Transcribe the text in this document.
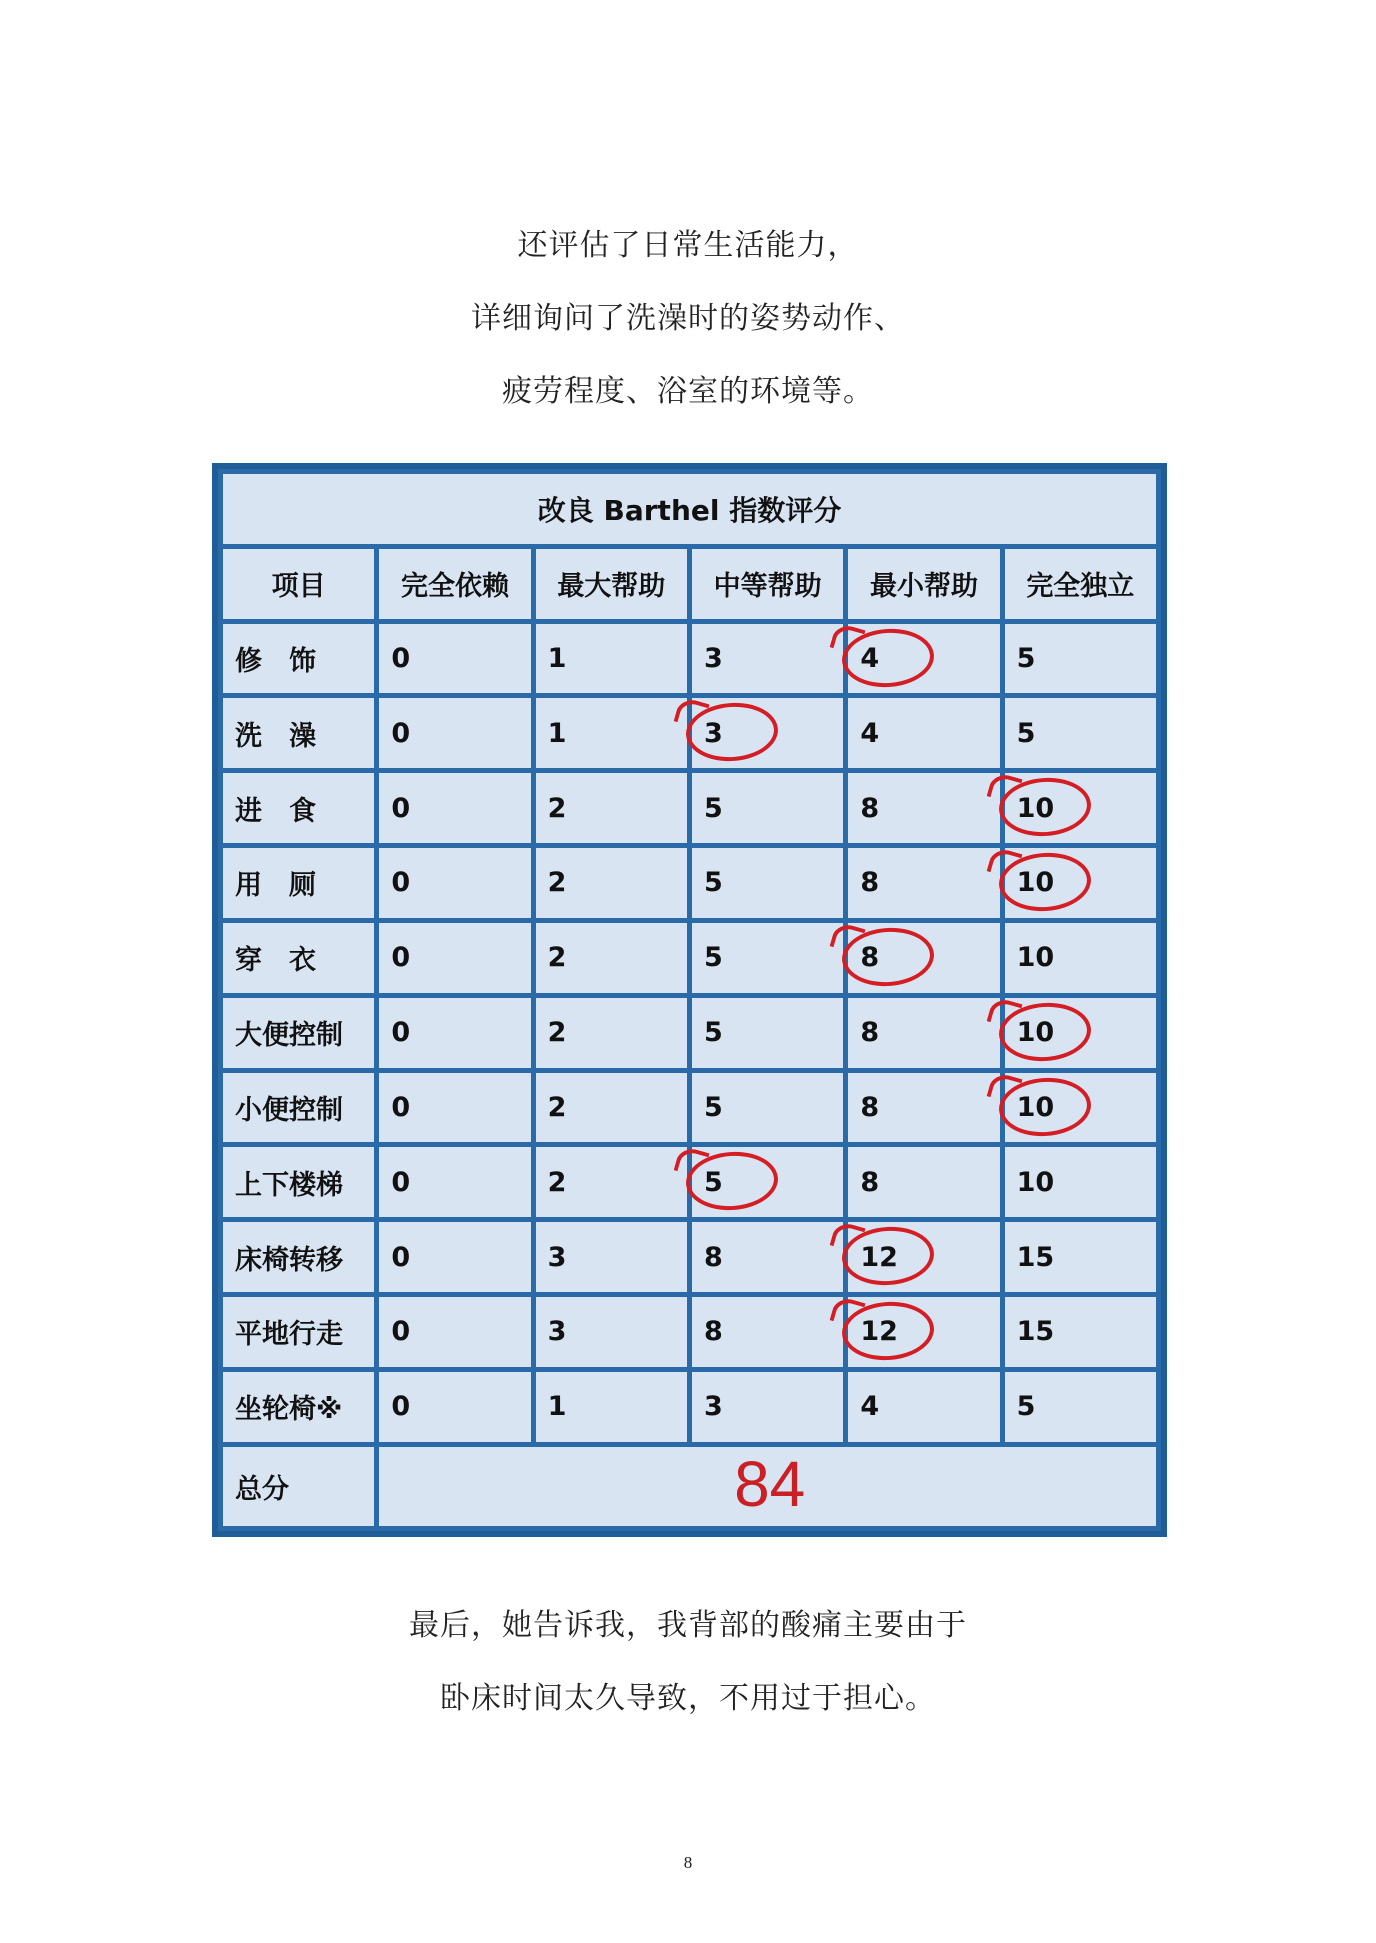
还评估了日常生活能力，
详细询问了洗澡时的姿势动作、
疲劳程度、浴室的环境等。
改良 Barthel 指数评分					
项目	完全依赖	最大帮助	中等帮助	最小帮助	完全独立
修　饰	0	1	3	4	5
洗　澡	0	1	3	4	5
进　食	0	2	5	8	10

用　厕	0	2	5	8	10

穿　衣	0	2	5	8	10
大便控制	0	2	5	8	10

小便控制	0	2	5	8	10

上下楼梯	0	2	5	8	10
床椅转移	0	3	8	12	15
平地行走	0	3	8	12	15
坐轮椅※	0	1	3	4	5
总分	84				
最后，她告诉我，我背部的酸痛主要由于
卧床时间太久导致，不用过于担心。
8
